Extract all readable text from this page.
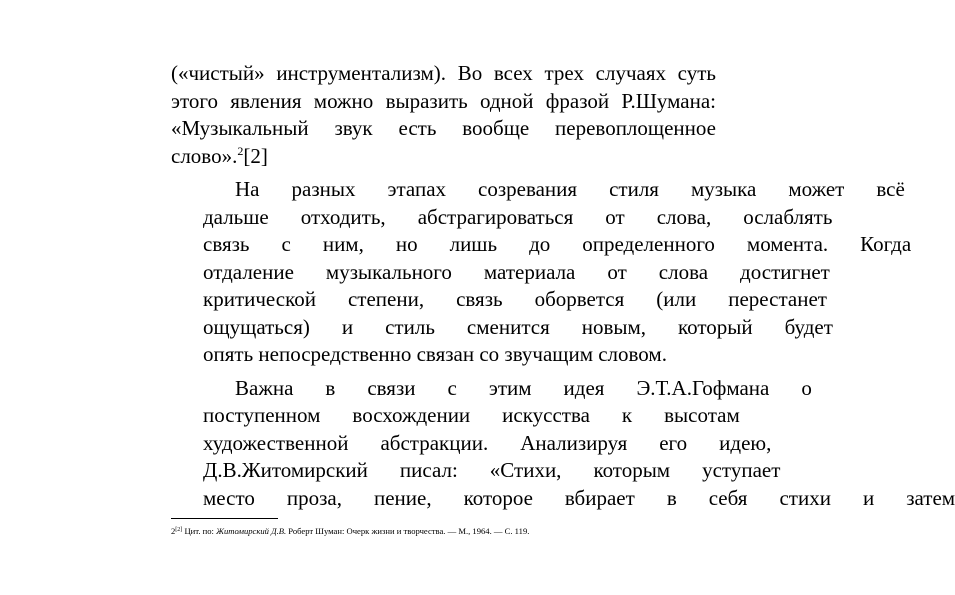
(«чистый» инструментализм). Во всех трех случаях суть
этого явления можно выразить одной фразой Р.Шумана:
«Музыкальный звук есть вообще перевоплощенное
слово».$^2$[2]

На	разных	этапах	созревания	стиля	музыка	может	всё
дальше	отходить,	абстрагироваться	от	слова,	ослаблять
связь	с	ним,	но	лишь	до	определенного	момента.	Когда
отдаление	музыкального	материала	от	слова	достигнет
критической	степени,	связь	оборвется	(или	перестанет
ощущаться)	и	стиль	сменится	новым,	который	будет
опять непосредственно связан со звучащим словом.

Важна	в	связи	с	этим	идея	Э.Т.А.Гофмана	о
поступенном	восхождении	искусства	к	высотам
художественной	абстракции.	Анализируя	его	идею,
Д.В.Житомирский	писал:	«Стихи,	которым	уступает
место	проза,	пение,	которое	вбирает	в	себя	стихи	и	затем

2[2] Цит. по: Житомирский Д.В. Роберт Шуман: Очерк жизни и творчества. — М., 1964. — С. 119.
